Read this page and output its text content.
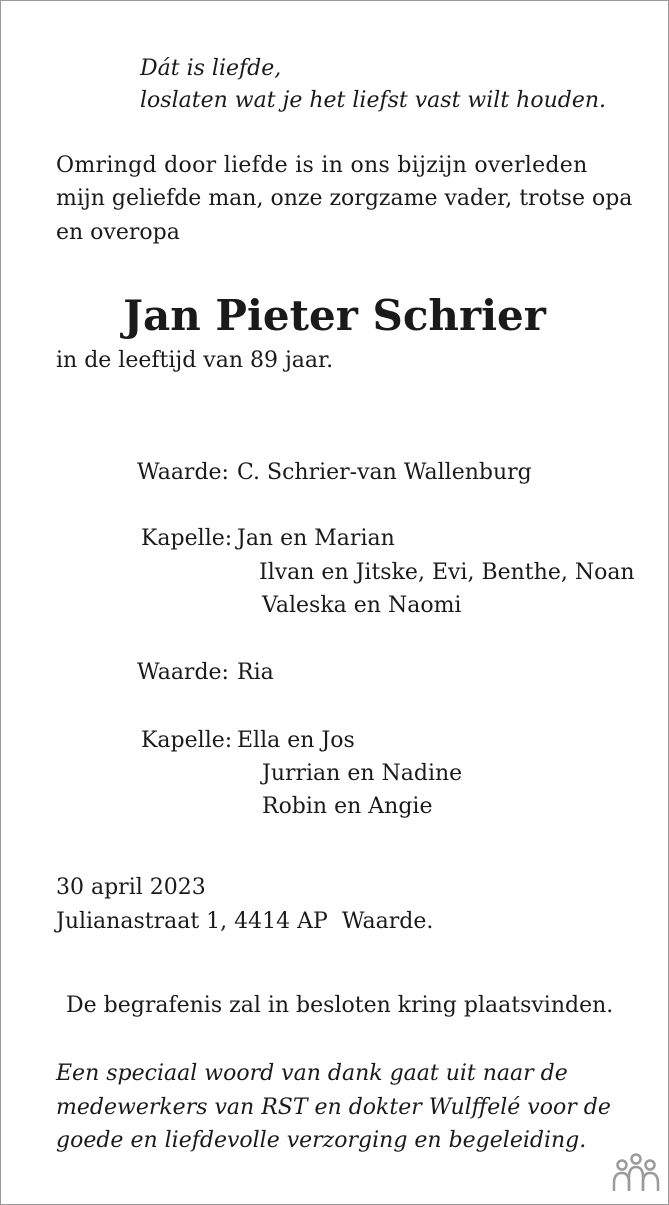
Dát is liefde,
loslaten wat je het liefst vast wilt houden.
Omringd door liefde is in ons bijzijn overleden
mijn geliefde man, onze zorgzame vader, trotse opa
en overopa
Jan Pieter Schrier
in de leeftijd van 89 jaar.
Waarde: C. Schrier-van Wallenburg
Kapelle: Jan en Marian
Ilvan en Jitske, Evi, Benthe, Noan
Valeska en Naomi
Waarde: Ria
Kapelle: Ella en Jos
Jurrian en Nadine
Robin en Angie
30 april 2023
Julianastraat 1, 4414 AP  Waarde.
De begrafenis zal in besloten kring plaatsvinden.
Een speciaal woord van dank gaat uit naar de
medewerkers van RST en dokter Wulffelé voor de
goede en liefdevolle verzorging en begeleiding.
